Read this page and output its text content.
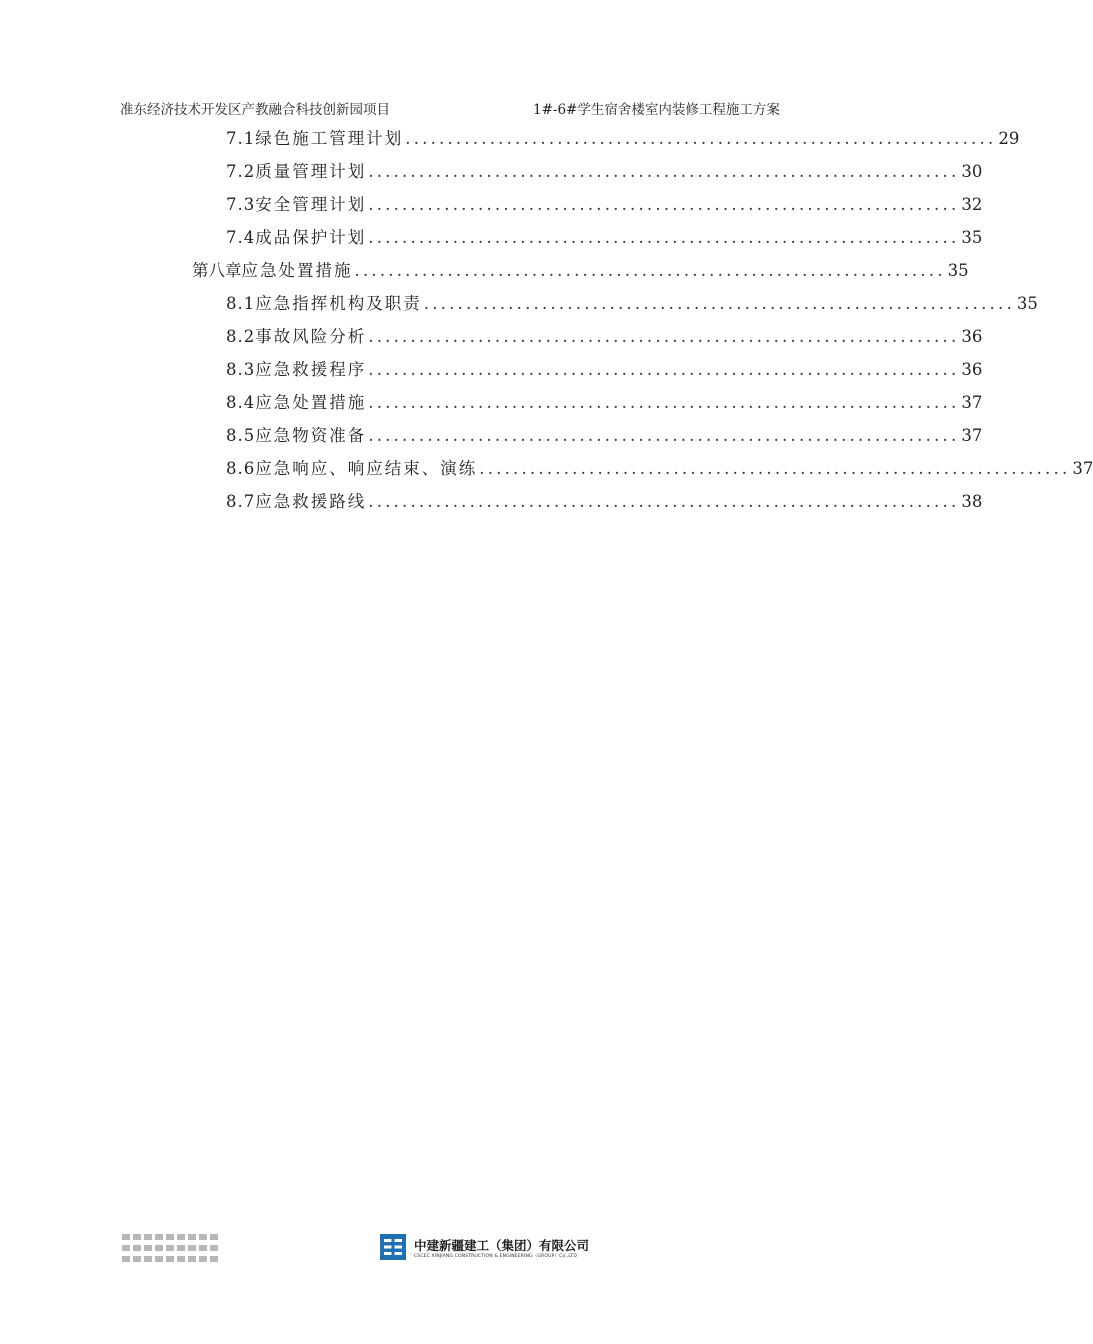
准东经济技术开发区产教融合科技创新园项目	1#-6#学生宿舍楼室内装修工程施工方案
7.1 绿色施工管理计划 ...................................................................... 29
7.2 质量管理计划 ...................................................................... 30
7.3 安全管理计划 ...................................................................... 32
7.4 成品保护计划 ...................................................................... 35
第八章 应急处置措施 ...................................................................... 35
8.1 应急指挥机构及职责 ...................................................................... 35
8.2 事故风险分析 ...................................................................... 36
8.3 应急救援程序 ...................................................................... 36
8.4 应急处置措施 ...................................................................... 37
8.5 应急物资准备 ...................................................................... 37
8.6 应急响应、响应结束、演练 ...................................................................... 37
8.7 应急救援路线 ...................................................................... 38
中建新疆建工（集团）有限公司
CSCEC XINJIANG CONSTRUCTION & ENGINEERING（GROUP）Co.,LTD
